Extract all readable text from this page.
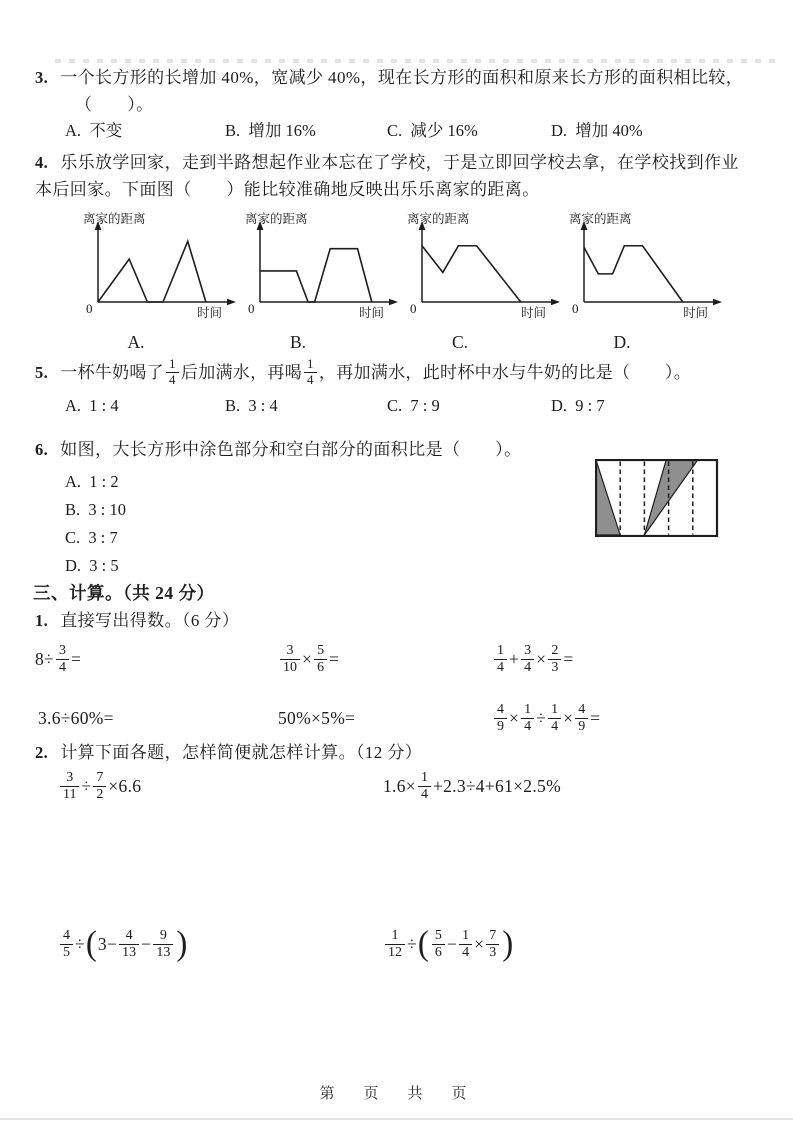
3. 一个长方形的长增加 40%，宽减少 40%，现在长方形的面积和原来长方形的面积相比较，
（　　）。
A.  不变	B.  增加 16%	C.  减少 16%	D.  增加 40%
4. 乐乐放学回家，走到半路想起作业本忘在了学校，于是立即回学校去拿，在学校找到作业
本后回家。下面图（　　）能比较准确地反映出乐乐离家的距离。
离家的距离
0	时间
A.
离家的距离
0	时间
B.
离家的距离
0	时间
C.
离家的距离
0	时间
D.
5. 一杯牛奶喝了 $\frac{1}{4}$ 后加满水，再喝 $\frac{1}{4}$ ，再加满水，此时杯中水与牛奶的比是（　　）。
A.  1 : 4	B.  3 : 4	C.  7 : 9	D.  9 : 7
6. 如图，大长方形中涂色部分和空白部分的面积比是（　　）。
A.  1 : 2
B.  3 : 10
C.  3 : 7
D.  3 : 5
三、计算。（共 24 分）
1. 直接写出得数。（6 分）
$8\div \frac{3}{4}$ =	$\frac{3}{10} \times \frac{5}{6}$ =	$\frac{1}{4} + \frac{3}{4} \times \frac{2}{3}$ =
3.6÷60%=	50%×5%=	$\frac{4}{9} \times \frac{1}{4} \div \frac{1}{4} \times \frac{4}{9}$ =
2. 计算下面各题，怎样简便就怎样计算。（12 分）
$\frac{3}{11} \div \frac{7}{2} \times 6.6$	$1.6\times \frac{1}{4} +2.3\div 4+61\times 2.5\%$
$\frac{4}{5}$ ÷ ( $3- \frac{4}{13} - \frac{9}{13}$ )	$\frac{1}{12}$ ÷ ( $\frac{5}{6} - \frac{1}{4} \times \frac{7}{3}$ )
第　页　共　页
